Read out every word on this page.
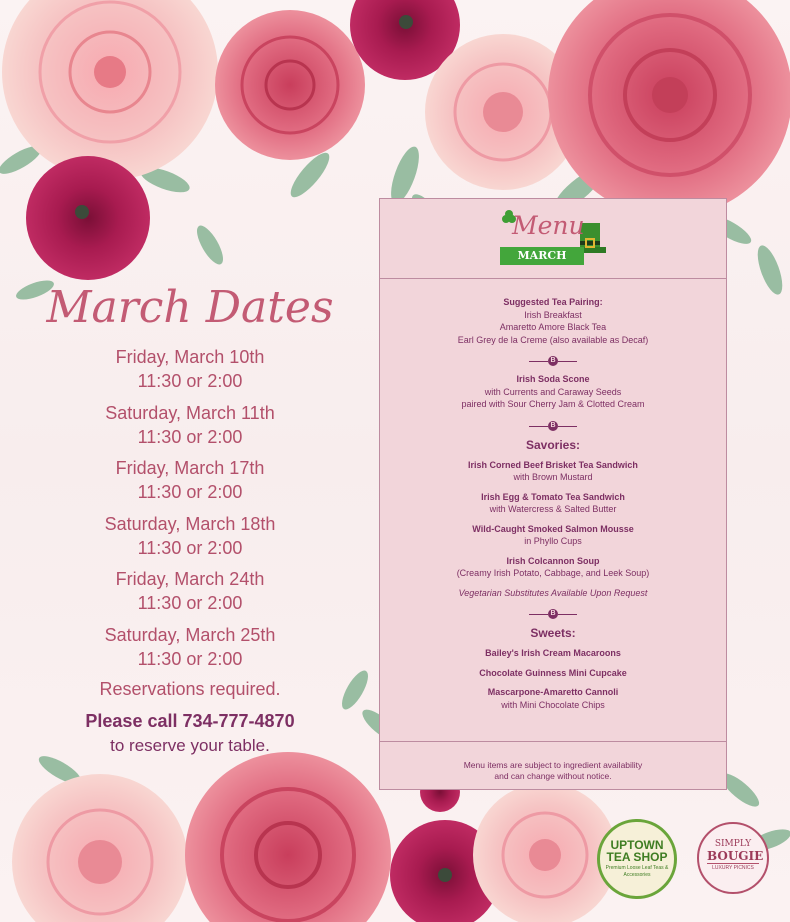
March Dates
Friday, March 10th
11:30 or 2:00
Saturday, March 11th
11:30 or 2:00
Friday, March 17th
11:30 or 2:00
Saturday, March 18th
11:30 or 2:00
Friday, March 24th
11:30 or 2:00
Saturday, March 25th
11:30 or 2:00
Reservations required.
Please call 734-777-4870
to reserve your table.
Menu
MARCH
Suggested Tea Pairing:
Irish Breakfast
Amaretto Amore Black Tea
Earl Grey de la Creme (also available as Decaf)
B
Irish Soda Scone
with Currents and Caraway Seeds
paired with Sour Cherry Jam & Clotted Cream
B
Savories:
Irish Corned Beef Brisket Tea Sandwich
with Brown Mustard
Irish Egg & Tomato Tea Sandwich
with Watercress & Salted Butter
Wild-Caught Smoked Salmon Mousse
in Phyllo Cups
Irish Colcannon Soup
(Creamy Irish Potato, Cabbage, and Leek Soup)
Vegetarian Substitutes Available Upon Request
B
Sweets:
Bailey's Irish Cream Macaroons
Chocolate Guinness Mini Cupcake
Mascarpone-Amaretto Cannoli
with Mini Chocolate Chips
Menu items are subject to ingredient availability
and can change without notice.
UPTOWN
TEA SHOP
Premium Loose Leaf Teas & Accessories
SIMPLY
BOUGIE
LUXURY PICNICS
